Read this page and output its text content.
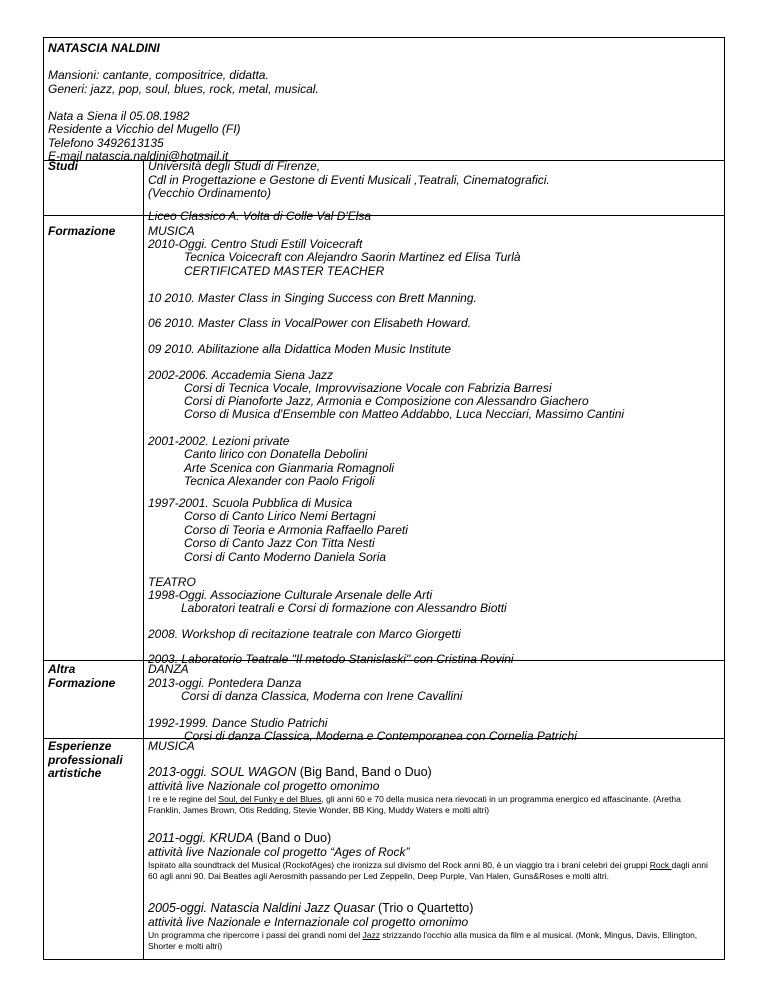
NATASCIA NALDINI
Mansioni: cantante, compositrice, didatta.
Generi: jazz, pop, soul, blues, rock, metal, musical.
Nata a Siena il 05.08.1982
Residente a Vicchio del Mugello (FI)
Telefono 3492613135
E-mail natascia.naldini@hotmail.it
Studi	Università degli Studi di Firenze,
Cdl in Progettazione e Gestone di Eventi Musicali ,Teatrali, Cinematografici.
(Vecchio Ordinamento)
Liceo Classico A. Volta di Colle Val D'Elsa
Formazione	MUSICA
2010-Oggi. Centro Studi Estill Voicecraft
Tecnica Voicecraft con Alejandro Saorin Martinez ed Elisa Turlà
CERTIFICATED MASTER TEACHER
10 2010. Master Class in Singing Success con Brett Manning.
06 2010. Master Class in VocalPower con Elisabeth Howard.
09 2010. Abilitazione alla Didattica Moden Music Institute
2002-2006. Accademia Siena Jazz
Corsi di Tecnica Vocale, Improvvisazione Vocale con Fabrizia Barresi
Corsi di Pianoforte Jazz, Armonia e Composizione con Alessandro Giachero
Corso di Musica d'Ensemble con Matteo Addabbo, Luca Necciari, Massimo Cantini
2001-2002. Lezioni private
Canto lirico con Donatella Debolini
Arte Scenica con Gianmaria Romagnoli
Tecnica Alexander con Paolo Frigoli
1997-2001. Scuola Pubblica di Musica
Corso di Canto Lirico Nemi Bertagni
Corso di Teoria e Armonia Raffaello Pareti
Corso di Canto Jazz Con Titta Nesti
Corsi di Canto Moderno Daniela Soria
TEATRO
1998-Oggi. Associazione Culturale Arsenale delle Arti
Laboratori teatrali e Corsi di formazione con Alessandro Biotti
2008. Workshop di recitazione teatrale con Marco Giorgetti
2003. Laboratorio Teatrale "Il metodo Stanislaski" con Cristina Rovini
Altra
Formazione
DANZA
2013-oggi. Pontedera Danza
Corsi di danza Classica, Moderna con Irene Cavallini
1992-1999. Dance Studio Patrichi
Corsi di danza Classica, Moderna e Contemporanea con Cornelia Patrichi
Esperienze
professionali
artistiche
MUSICA
2013-oggi. SOUL WAGON (Big Band, Band o Duo)
attività live Nazionale col progetto omonimo
I re e le regine del Soul, del Funky e del Blues, gli anni 60 e 70 della musica nera rievocati in un programma energico ed affascinante. (Aretha Franklin, James Brown, Otis Redding, Stevie Wonder, BB King, Muddy Waters e molti altri)
2011-oggi. KRUDA (Band o Duo)
attività live Nazionale col progetto “Ages of Rock”
Ispirato alla soundtrack del Musical (RockofAges) che ironizza sul divismo del Rock anni 80, è un viaggio tra i brani celebri dei gruppi Rock dagli anni 60 agli anni 90. Dai Beatles agli Aerosmith passando per Led Zeppelin, Deep Purple, Van Halen, Guns&Roses e molti altri.
2005-oggi. Natascia Naldini Jazz Quasar (Trio o Quartetto)
attività live Nazionale e Internazionale col progetto omonimo
Un programma che ripercorre i passi dei grandi nomi del Jazz strizzando l'occhio alla musica da film e al musical. (Monk, Mingus, Davis, Ellington, Shorter e molti altri)
